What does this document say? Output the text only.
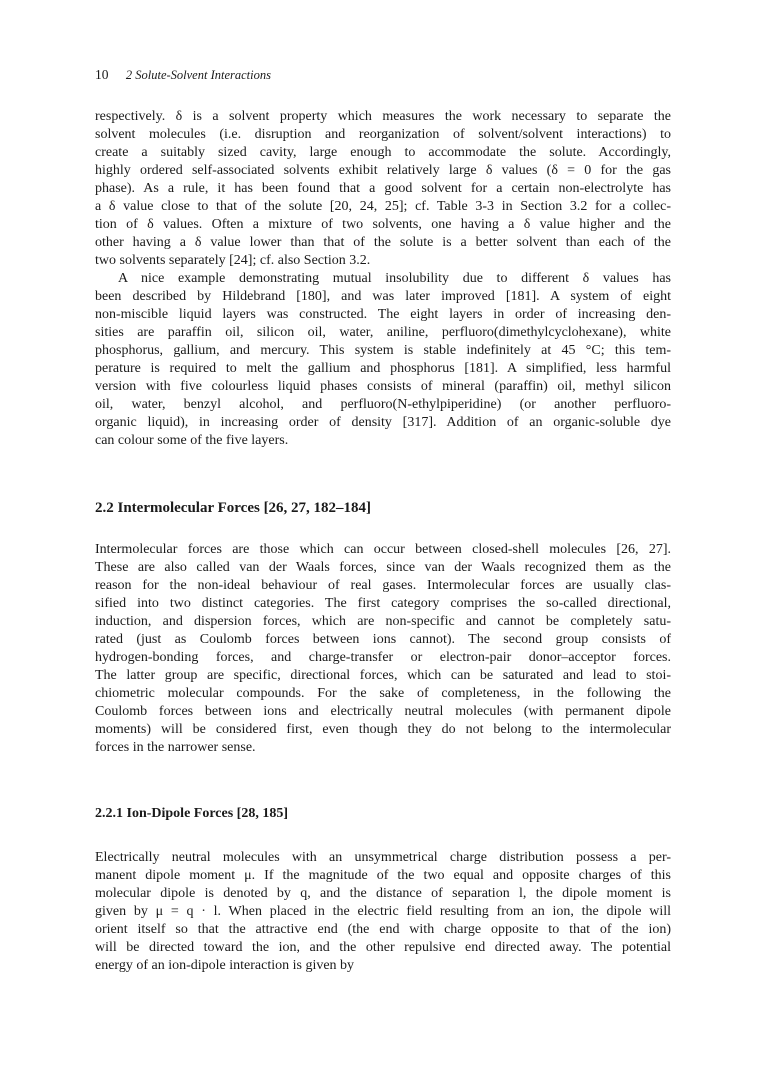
10 2 Solute-Solvent Interactions
respectively. δ is a solvent property which measures the work necessary to separate the
solvent molecules (i.e. disruption and reorganization of solvent/solvent interactions) to
create a suitably sized cavity, large enough to accommodate the solute. Accordingly,
highly ordered self-associated solvents exhibit relatively large δ values (δ = 0 for the gas
phase). As a rule, it has been found that a good solvent for a certain non-electrolyte has
a δ value close to that of the solute [20, 24, 25]; cf. Table 3-3 in Section 3.2 for a collec-
tion of δ values. Often a mixture of two solvents, one having a δ value higher and the
other having a δ value lower than that of the solute is a better solvent than each of the
two solvents separately [24]; cf. also Section 3.2.
A nice example demonstrating mutual insolubility due to different δ values has
been described by Hildebrand [180], and was later improved [181]. A system of eight
non-miscible liquid layers was constructed. The eight layers in order of increasing den-
sities are paraffin oil, silicon oil, water, aniline, perfluoro(dimethylcyclohexane), white
phosphorus, gallium, and mercury. This system is stable indefinitely at 45 °C; this tem-
perature is required to melt the gallium and phosphorus [181]. A simplified, less harmful
version with five colourless liquid phases consists of mineral (paraffin) oil, methyl silicon
oil, water, benzyl alcohol, and perfluoro(N-ethylpiperidine) (or another perfluoro-
organic liquid), in increasing order of density [317]. Addition of an organic-soluble dye
can colour some of the five layers.
2.2 Intermolecular Forces [26, 27, 182–184]
Intermolecular forces are those which can occur between closed-shell molecules [26, 27].
These are also called van der Waals forces, since van der Waals recognized them as the
reason for the non-ideal behaviour of real gases. Intermolecular forces are usually clas-
sified into two distinct categories. The first category comprises the so-called directional,
induction, and dispersion forces, which are non-specific and cannot be completely satu-
rated (just as Coulomb forces between ions cannot). The second group consists of
hydrogen-bonding forces, and charge-transfer or electron-pair donor–acceptor forces.
The latter group are specific, directional forces, which can be saturated and lead to stoi-
chiometric molecular compounds. For the sake of completeness, in the following the
Coulomb forces between ions and electrically neutral molecules (with permanent dipole
moments) will be considered first, even though they do not belong to the intermolecular
forces in the narrower sense.
2.2.1 Ion-Dipole Forces [28, 185]
Electrically neutral molecules with an unsymmetrical charge distribution possess a per-
manent dipole moment μ. If the magnitude of the two equal and opposite charges of this
molecular dipole is denoted by q, and the distance of separation l, the dipole moment is
given by μ = q · l. When placed in the electric field resulting from an ion, the dipole will
orient itself so that the attractive end (the end with charge opposite to that of the ion)
will be directed toward the ion, and the other repulsive end directed away. The potential
energy of an ion-dipole interaction is given by
